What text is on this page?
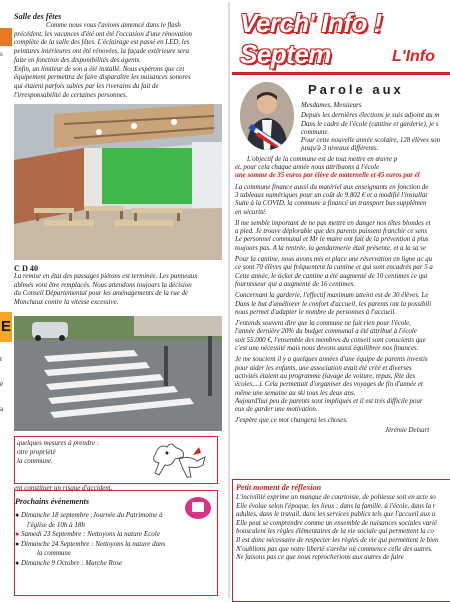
s
E
r
é
a
Salle des fêtes
Comme nous vous l'avions annoncé dans le flash
précédent, les vacances d'été ont été l'occasion d'une rénovation
complète de la salle des fêtes. L'éclairage est passé en LED, les
peintures intérieures ont été rénovées, la façade extérieure sera
faite en fonction des disponibilités des agents.
Enfin, un limiteur de son a été installé. Nous espérons que cet
équipement permettra de faire disparaître les nuisances sonores
qui étaient parfois subies par les riverains du fait de
l'irresponsabilité de certaines personnes.
C D 40
La remise en état des passages piétons est terminée. Les panneaux
abîmés vont être remplacés. Nous attendons toujours la décision
du Conseil Départemental pour les aménagements de la rue de
Monchaux contre la vitesse excessive.
quelques mesures à prendre :
otre propriété
la commune.
ent constituer un risque d'accident.
Prochains évènements
● Dimanche 18 septembre :Journée du Patrimoine à
l'église de 10h à 18h
● Samedi 23 Septembre : Nettoyons la nature Ecole
● Dimanche 24 Septembre : Nettoyons la nature dans
la commune
● Dimanche 9 Octobre : Marche Rose
Verch' Info ! Septem	L'Info
Parole aux
Mesdames, Messieurs
Depuis les dernières élections je suis adjoint au m
Dans le cadre de l'école (cantine et garderie), je s
commune.
Pour cette nouvelle année scolaire, 128 élèves son
jusqu'à 3 niveaux différents.
L'objectif de la commune est de tout mettre en œuvre p
et, pour cela chaque année nous attribuons à l'école
une somme de 35 euros par élève de maternelle et 45 euros par él
La commune finance aussi du matériel aux enseignants en fonction de
3 tableaux numériques pour un coût de 9.802 € et a modifié l'installat
Suite à la COVID, la commune a financé un transport bus supplémen
en sécurité.
Il me semble important de ne pas mettre en danger nos têtes blondes et
a pied. Je trouve déplorable que des parents puissent franchir ce sens
Le personnel communal et Mr le maire ont fait de la prévention à plus
toujours pas. A la rentrée, la gendarmerie était présente, et a la sa se
Pour la cantine, nous avons mis et place une réservation en ligne ac qu
ce sont 70 élèves qui fréquentent la cantine et qui sont encadrés par 5 a
Cette année, le ticket de cantine a été augmenté de 10 centimes ce qui
fournisseur qui a augmenté de 16 centimes.
Concernant la garderie, l'effectif maximum atteint est de 30 élèves. Le
Dans le but d'améliorer le confort d'accueil, les parents ont la possibili
nous permet d'adapter le nombre de personnes à l'accueil.
J'entends souvent dire que la commune ne fait rien pour l'école,
l'année dernière 20% du budget communal a été attribué à l'école
soit 55.000 €, l'ensemble des membres du conseil sont conscients que
c'est une nécessité mais nous devons aussi équilibrer nos finances.
Je me soucient il y a quelques années d'une équipe de parents investis
pour aider les enfants, une association avait été créé et diverses
activités étaient au programme (lavage de voiture, repas, fête des
écoles,...). Cela permettait d'organiser des voyages de fin d'année et
même une semaine au ski tous les deux ans.
Aujourd'hui peu de parents sont impliqués et il est très difficile pour
eux de garder une motivation.
J'espère que ce mot changera les choses.
Jérémie Delsart
Petit moment de réflexion
L'incivilité exprime un manque de courtoisie, de politesse soit en acte so
Elle évolue selon l'époque, les lieux : dans la famille, à l'école, dans la r
adultes, dans le travail, dans les services publics tels que l'accueil aux u
Elle peut se comprendre comme un ensemble de nuisances sociales varié
bousculent les règles élémentaires de la vie sociale qui permettent la co
Il est donc nécessaire de respecter les règles de vie qui permettent le bien
N'oublions pas que notre liberté s'arrête où commence celle des autres.
Ne faisons pas ce que nous reprocherions aux autres de faire
